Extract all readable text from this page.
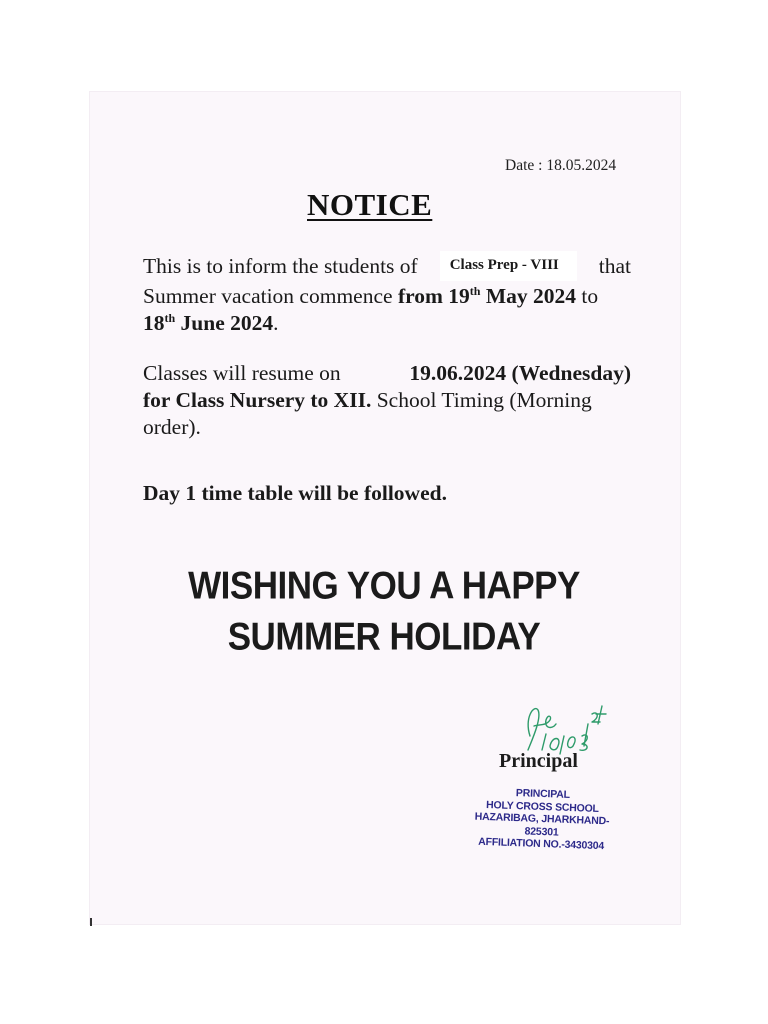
Date : 18.05.2024
NOTICE
This is to inform the students of	Class Prep - VIII	that
Summer vacation commence from 19th May 2024 to
18th June 2024.
Classes will resume on	19.06.2024 (Wednesday)
for Class Nursery to XII. School Timing (Morning
order).
Day 1 time table will be followed.
WISHING YOU A HAPPY
SUMMER HOLIDAY
Principal
PRINCIPAL
HOLY CROSS SCHOOL
HAZARIBAG, JHARKHAND-825301
AFFILIATION NO.-3430304
